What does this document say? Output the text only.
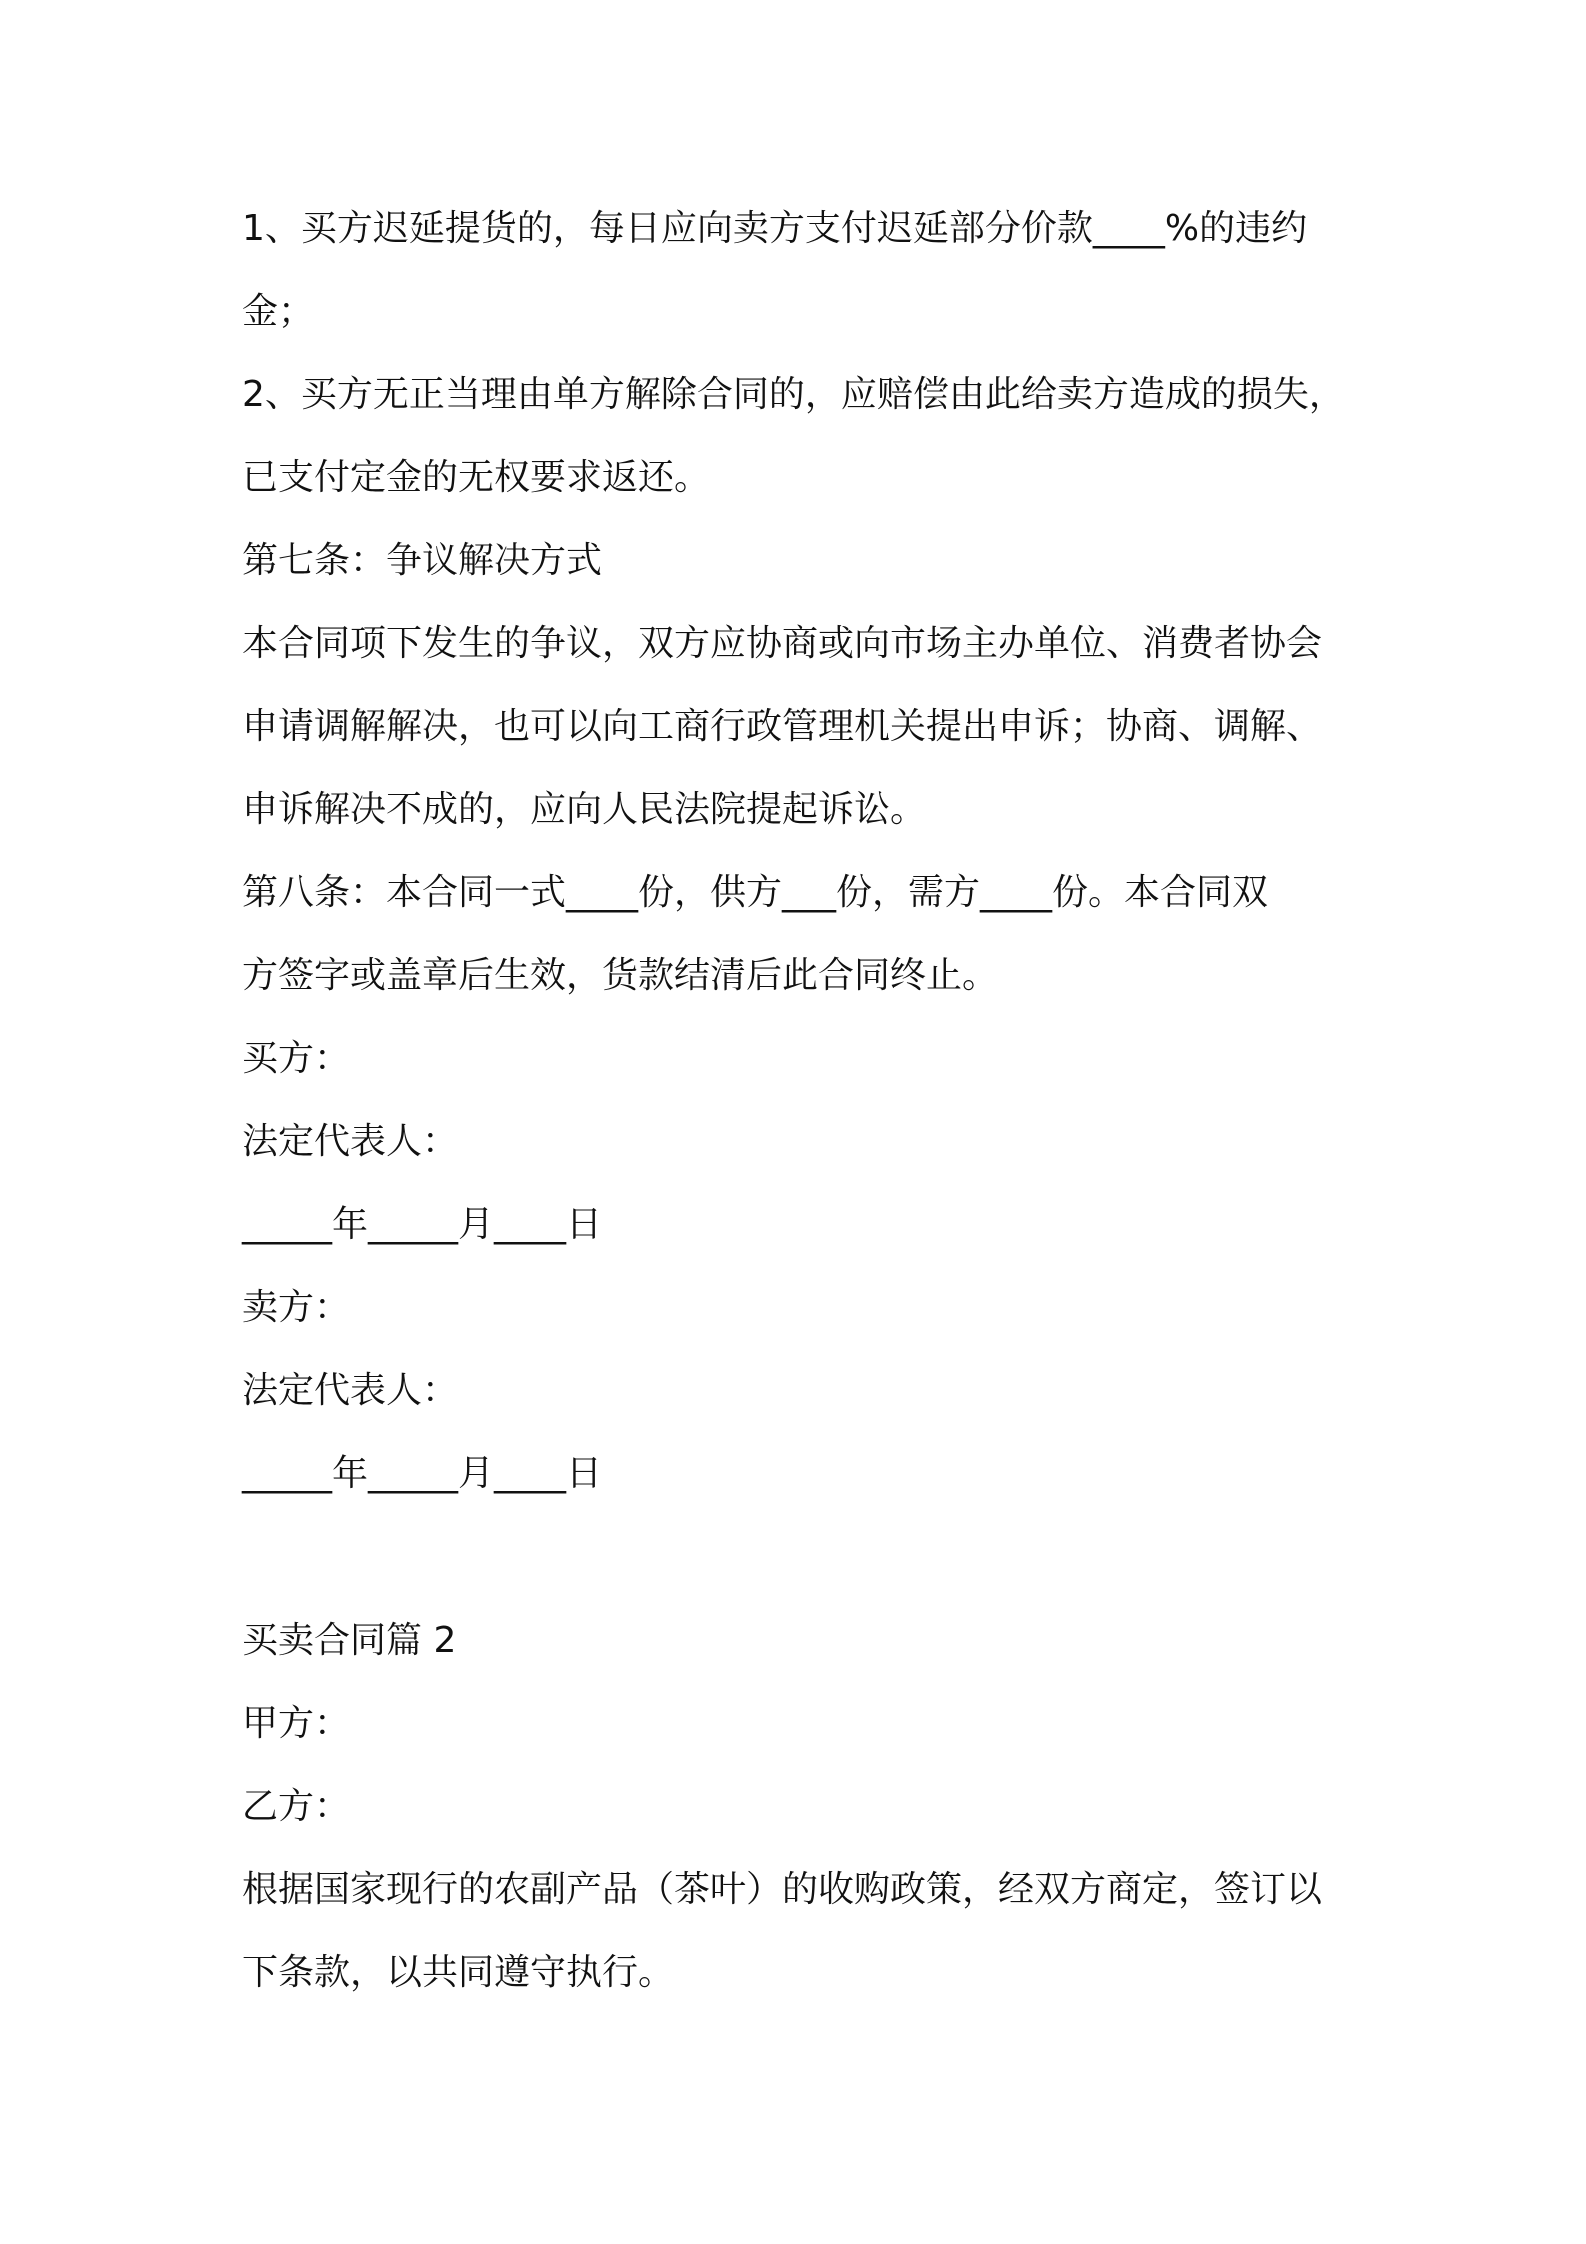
1、买方迟延提货的，每日应向卖方支付迟延部分价款____%的违约
金；
2、买方无正当理由单方解除合同的，应赔偿由此给卖方造成的损失，
已支付定金的无权要求返还。
第七条：争议解决方式
本合同项下发生的争议，双方应协商或向市场主办单位、消费者协会
申请调解解决，也可以向工商行政管理机关提出申诉；协商、调解、
申诉解决不成的，应向人民法院提起诉讼。
第八条：本合同一式____份，供方___份，需方____份。本合同双
方签字或盖章后生效，货款结清后此合同终止。
买方：
法定代表人：
_____年_____月____日
卖方：
法定代表人：
_____年_____月____日
买卖合同篇 2
甲方：
乙方：
根据国家现行的农副产品（茶叶）的收购政策，经双方商定，签订以
下条款，以共同遵守执行。
